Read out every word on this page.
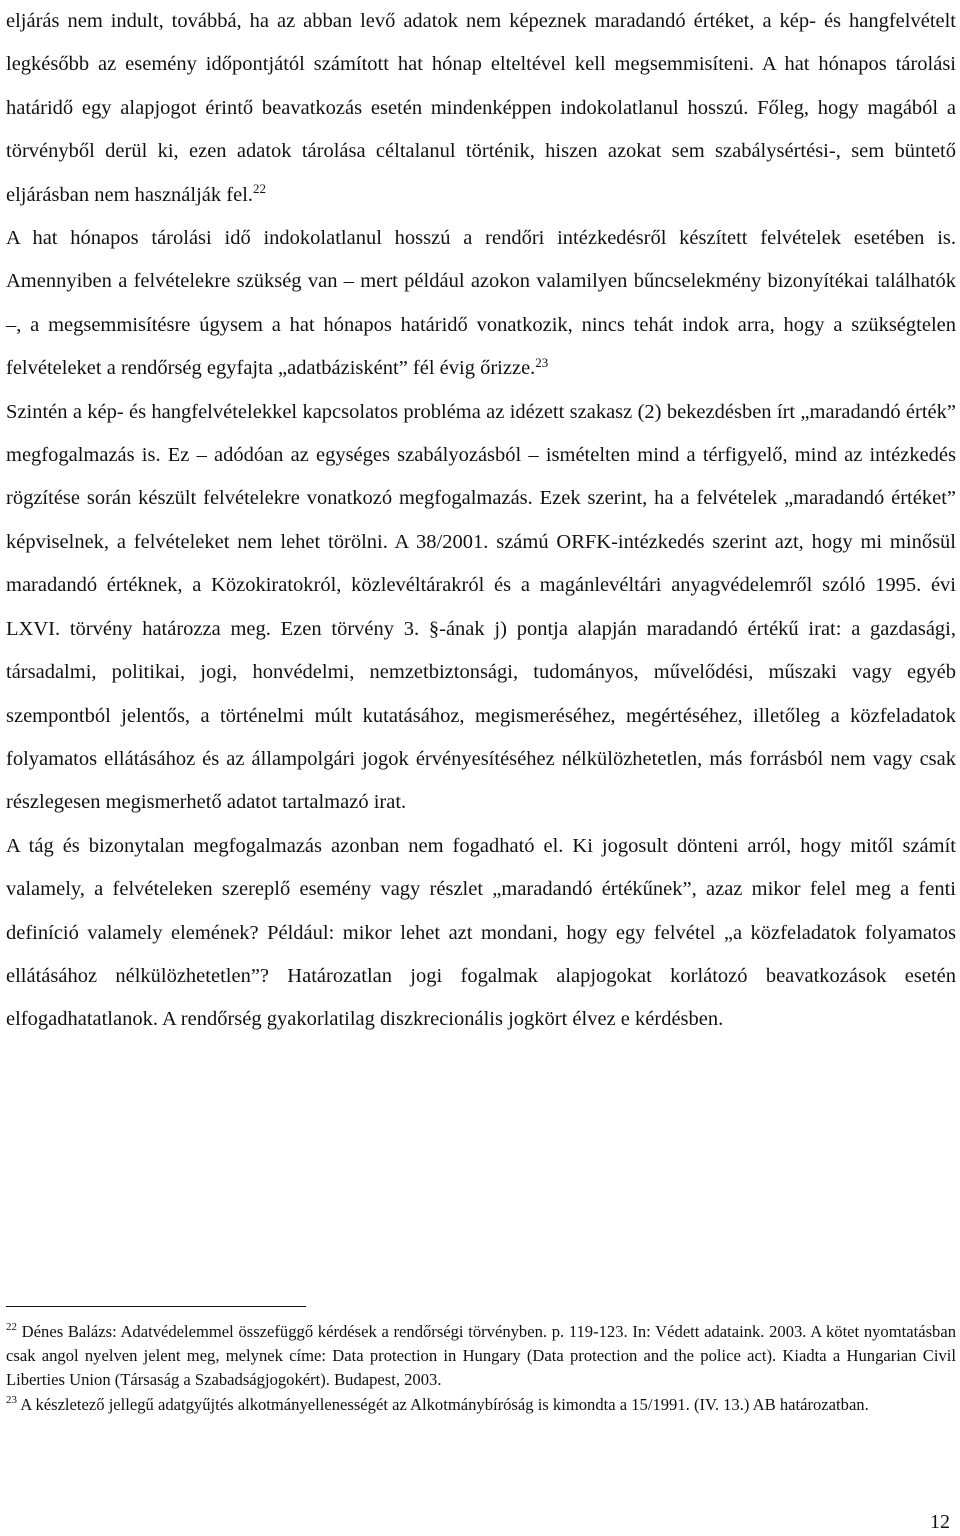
eljárás nem indult, továbbá, ha az abban levő adatok nem képeznek maradandó értéket, a kép- és hangfelvételt legkésőbb az esemény időpontjától számított hat hónap elteltével kell megsemmisíteni. A hat hónapos tárolási határidő egy alapjogot érintő beavatkozás esetén mindenképpen indokolatlanul hosszú. Főleg, hogy magából a törvényből derül ki, ezen adatok tárolása céltalanul történik, hiszen azokat sem szabálysértési-, sem büntető eljárásban nem használják fel.$^{22}$

A hat hónapos tárolási idő indokolatlanul hosszú a rendőri intézkedésről készített felvételek esetében is. Amennyiben a felvételekre szükség van – mert például azokon valamilyen bűncselekmény bizonyítékai találhatók –, a megsemmisítésre úgysem a hat hónapos határidő vonatkozik, nincs tehát indok arra, hogy a szükségtelen felvételeket a rendőrség egyfajta „adatbázisként” fél évig őrizze.$^{23}$

Szintén a kép- és hangfelvételekkel kapcsolatos probléma az idézett szakasz (2) bekezdésben írt „maradandó érték” megfogalmazás is. Ez – adódóan az egységes szabályozásból – ismételten mind a térfigyelő, mind az intézkedés rögzítése során készült felvételekre vonatkozó megfogalmazás. Ezek szerint, ha a felvételek „maradandó értéket” képviselnek, a felvételeket nem lehet törölni. A 38/2001. számú ORFK-intézkedés szerint azt, hogy mi minősül maradandó értéknek, a Közokiratokról, közlevéltárakról és a magánlevéltári anyagvédelemről szóló 1995. évi LXVI. törvény határozza meg. Ezen törvény 3. §-ának j) pontja alapján maradandó értékű irat: a gazdasági, társadalmi, politikai, jogi, honvédelmi, nemzetbiztonsági, tudományos, művelődési, műszaki vagy egyéb szempontból jelentős, a történelmi múlt kutatásához, megismeréséhez, megértéséhez, illetőleg a közfeladatok folyamatos ellátásához és az állampolgári jogok érvényesítéséhez nélkülözhetetlen, más forrásból nem vagy csak részlegesen megismerhető adatot tartalmazó irat.

A tág és bizonytalan megfogalmazás azonban nem fogadható el. Ki jogosult dönteni arról, hogy mitől számít valamely, a felvételeken szereplő esemény vagy részlet „maradandó értékűnek”, azaz mikor felel meg a fenti definíció valamely elemének? Például: mikor lehet azt mondani, hogy egy felvétel „a közfeladatok folyamatos ellátásához nélkülözhetetlen”? Határozatlan jogi fogalmak alapjogokat korlátozó beavatkozások esetén elfogadhatatlanok. A rendőrség gyakorlatilag diszkrecionális jogkört élvez e kérdésben.

$^{22}$ Dénes Balázs: Adatvédelemmel összefüggő kérdések a rendőrségi törvényben. p. 119-123. In: Védett adataink. 2003. A kötet nyomtatásban csak angol nyelven jelent meg, melynek címe: Data protection in Hungary (Data protection and the police act). Kiadta a Hungarian Civil Liberties Union (Társaság a Szabadságjogokért). Budapest, 2003.

$^{23}$ A készletező jellegű adatgyűjtés alkotmányellenességét az Alkotmánybíróság is kimondta a 15/1991. (IV. 13.) AB határozatban.

12
